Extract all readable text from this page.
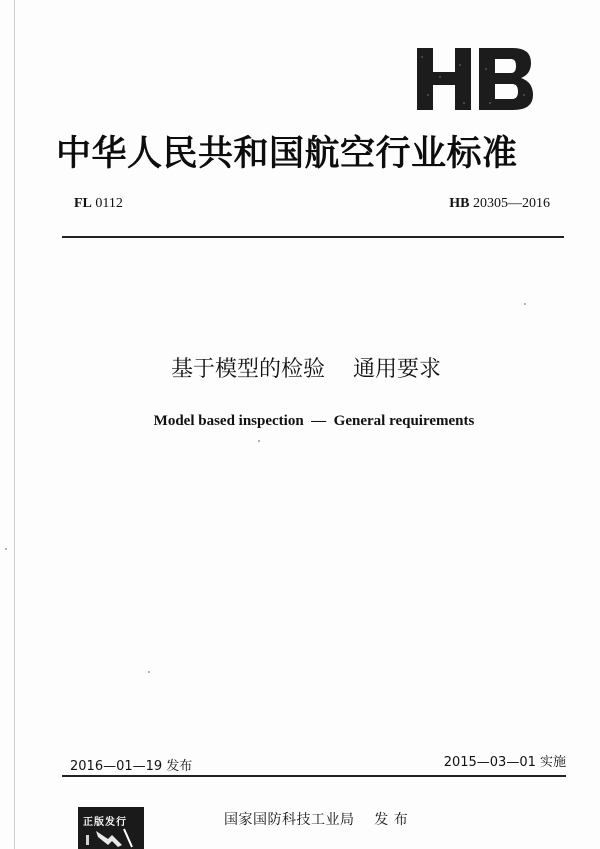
中华人民共和国航空行业标准
FL 0112	HB 20305—2016
基于模型的检验    通用要求
Model based inspection  —  General requirements
2016—01—19 发布	2015—03—01 实施
正版发行	国家国防科技工业局    发 布
